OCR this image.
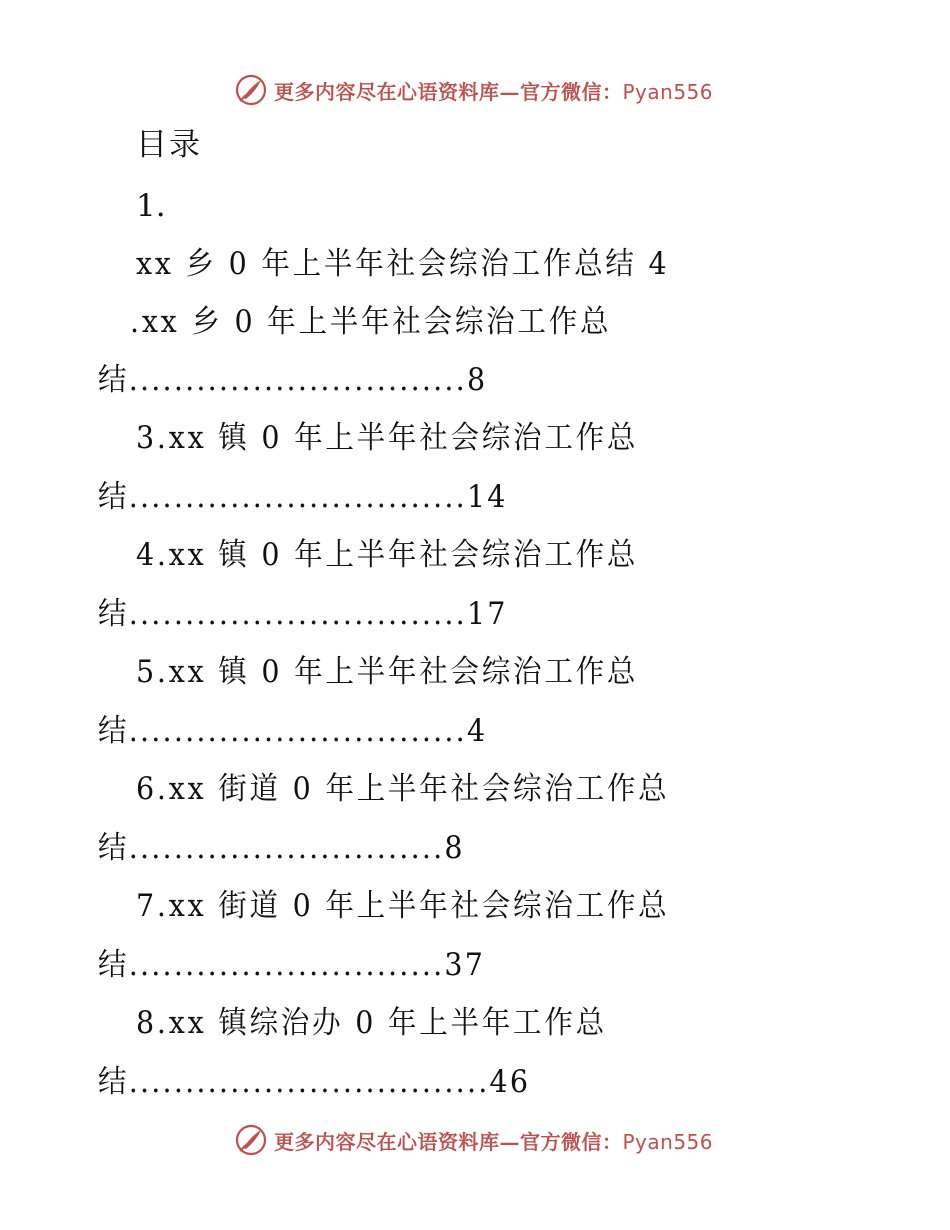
更多内容尽在心语资料库—官方微信：Pyan556
目录
1.
xx 乡 0 年上半年社会综治工作总结 4
.xx 乡 0 年上半年社会综治工作总
结..............................8
3.xx 镇 0 年上半年社会综治工作总
结..............................14
4.xx 镇 0 年上半年社会综治工作总
结..............................17
5.xx 镇 0 年上半年社会综治工作总
结..............................4
6.xx 街道 0 年上半年社会综治工作总
结............................8
7.xx 街道 0 年上半年社会综治工作总
结............................37
8.xx 镇综治办 0 年上半年工作总
结................................46
更多内容尽在心语资料库—官方微信：Pyan556
